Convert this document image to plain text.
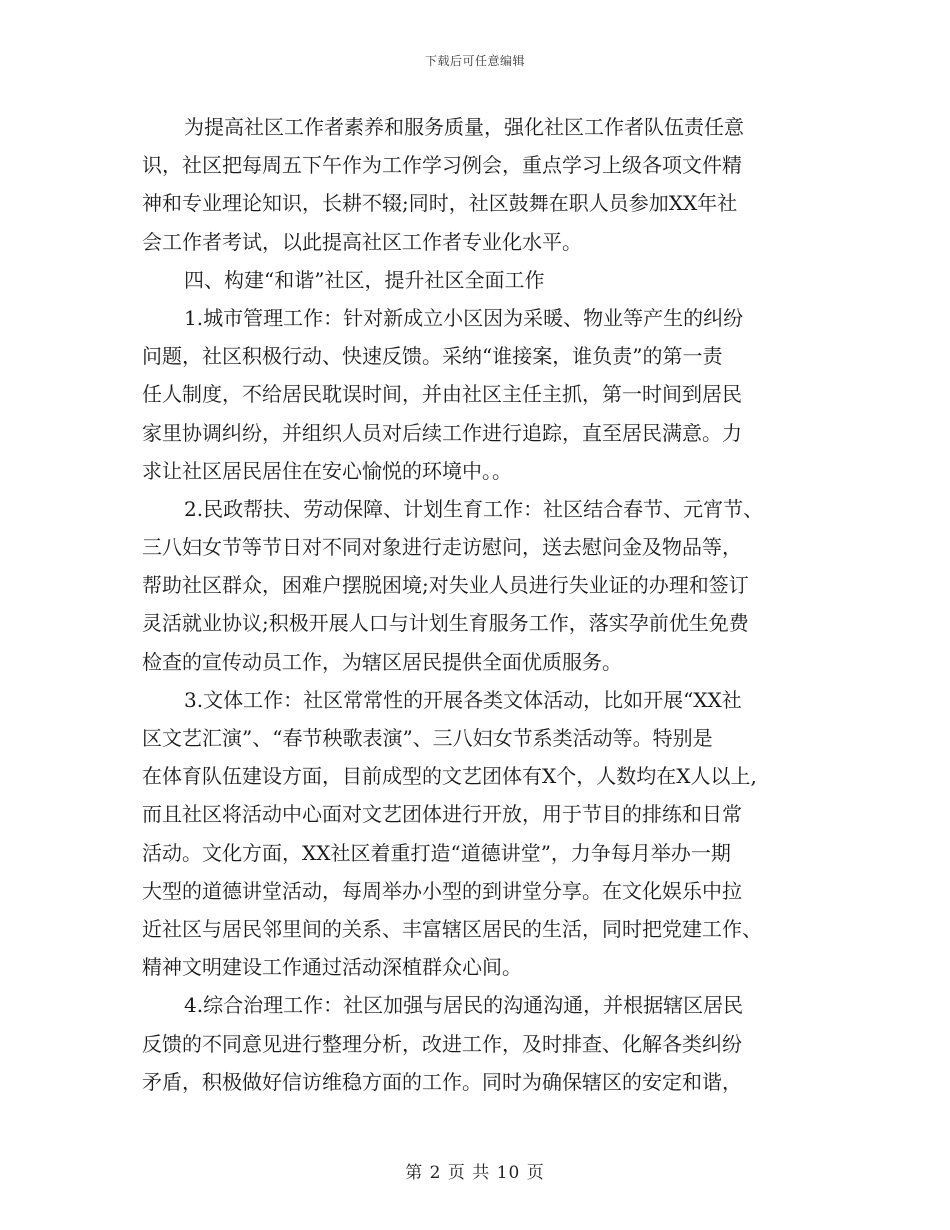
下载后可任意编辑
为提高社区工作者素养和服务质量，强化社区工作者队伍责任意
识，社区把每周五下午作为工作学习例会，重点学习上级各项文件精
神和专业理论知识，长耕不辍;同时，社区鼓舞在职人员参加XX年社
会工作者考试，以此提高社区工作者专业化水平。
四、构建“和谐”社区，提升社区全面工作
1.城市管理工作：针对新成立小区因为采暖、物业等产生的纠纷
问题，社区积极行动、快速反馈。采纳“谁接案，谁负责”的第一责
任人制度，不给居民耽误时间，并由社区主任主抓，第一时间到居民
家里协调纠纷，并组织人员对后续工作进行追踪，直至居民满意。力
求让社区居民居住在安心愉悦的环境中。。
2.民政帮扶、劳动保障、计划生育工作：社区结合春节、元宵节、
三八妇女节等节日对不同对象进行走访慰问，送去慰问金及物品等，
帮助社区群众，困难户摆脱困境;对失业人员进行失业证的办理和签订
灵活就业协议;积极开展人口与计划生育服务工作，落实孕前优生免费
检查的宣传动员工作，为辖区居民提供全面优质服务。
3.文体工作：社区常常性的开展各类文体活动，比如开展“XX社
区文艺汇演”、“春节秧歌表演”、三八妇女节系类活动等。特别是
在体育队伍建设方面，目前成型的文艺团体有X个，人数均在X人以上,
而且社区将活动中心面对文艺团体进行开放，用于节目的排练和日常
活动。文化方面，XX社区着重打造“道德讲堂”，力争每月举办一期
大型的道德讲堂活动，每周举办小型的到讲堂分享。在文化娱乐中拉
近社区与居民邻里间的关系、丰富辖区居民的生活，同时把党建工作、
精神文明建设工作通过活动深植群众心间。
4.综合治理工作：社区加强与居民的沟通沟通，并根据辖区居民
反馈的不同意见进行整理分析，改进工作，及时排查、化解各类纠纷
矛盾，积极做好信访维稳方面的工作。同时为确保辖区的安定和谐，
第 2 页 共 10 页
